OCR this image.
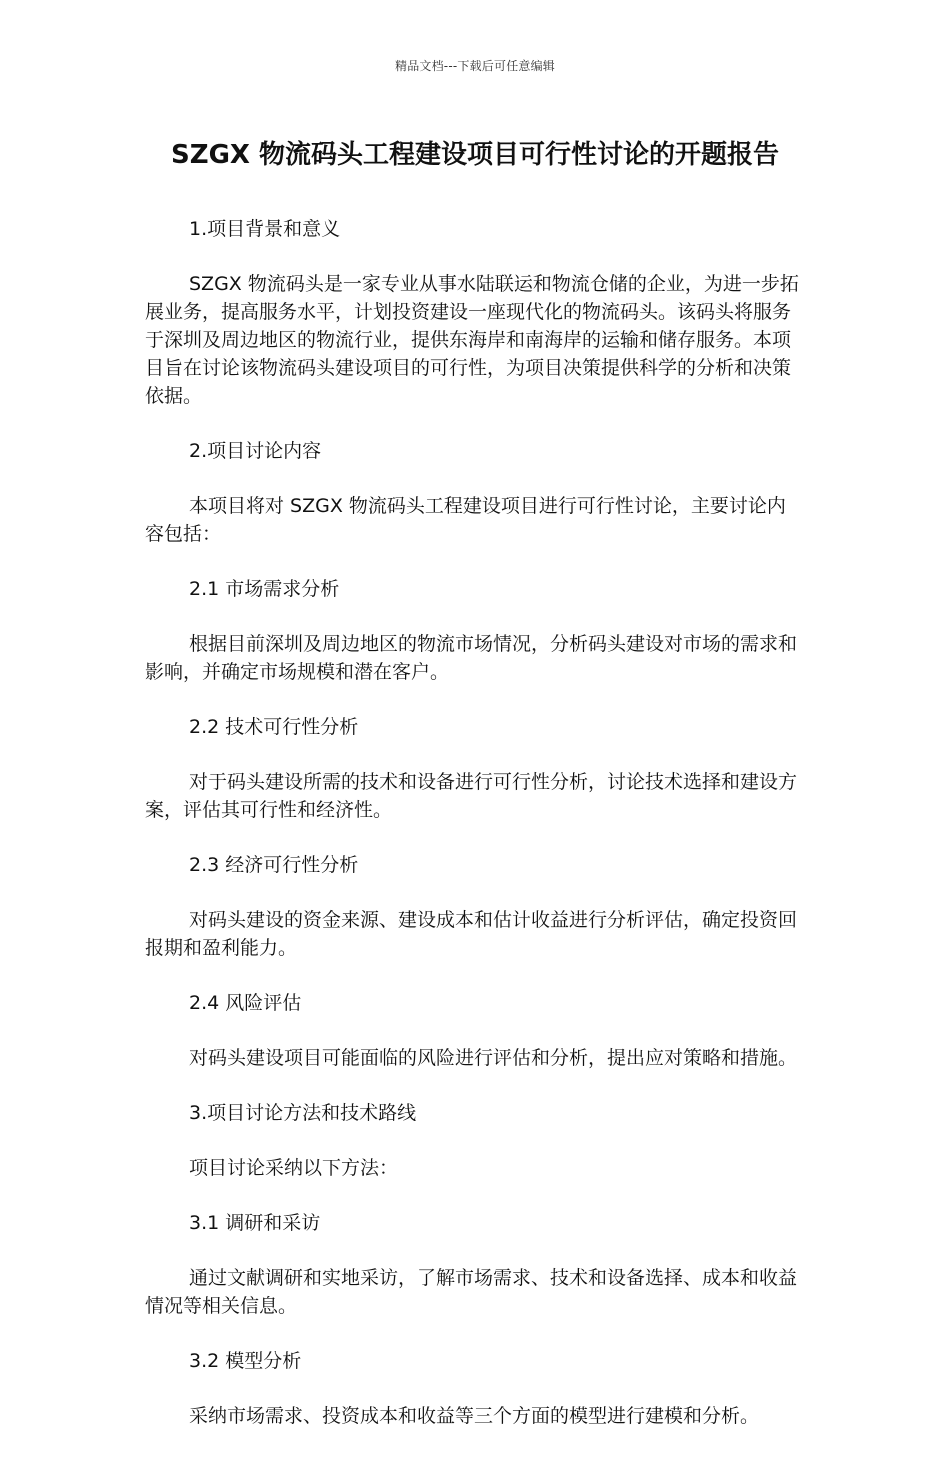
精品文档---下载后可任意编辑
SZGX 物流码头工程建设项目可行性讨论的开题报告

1.项目背景和意义

SZGX 物流码头是一家专业从事水陆联运和物流仓储的企业，为进一步拓展业务，提高服务水平，计划投资建设一座现代化的物流码头。该码头将服务于深圳及周边地区的物流行业，提供东海岸和南海岸的运输和储存服务。本项目旨在讨论该物流码头建设项目的可行性，为项目决策提供科学的分析和决策依据。

2.项目讨论内容

本项目将对 SZGX 物流码头工程建设项目进行可行性讨论，主要讨论内容包括：

2.1 市场需求分析

根据目前深圳及周边地区的物流市场情况，分析码头建设对市场的需求和影响，并确定市场规模和潜在客户。

2.2 技术可行性分析

对于码头建设所需的技术和设备进行可行性分析，讨论技术选择和建设方案，评估其可行性和经济性。

2.3 经济可行性分析

对码头建设的资金来源、建设成本和估计收益进行分析评估，确定投资回报期和盈利能力。

2.4 风险评估

对码头建设项目可能面临的风险进行评估和分析，提出应对策略和措施。

3.项目讨论方法和技术路线

项目讨论采纳以下方法：

3.1 调研和采访

通过文献调研和实地采访，了解市场需求、技术和设备选择、成本和收益情况等相关信息。

3.2 模型分析

采纳市场需求、投资成本和收益等三个方面的模型进行建模和分析。
